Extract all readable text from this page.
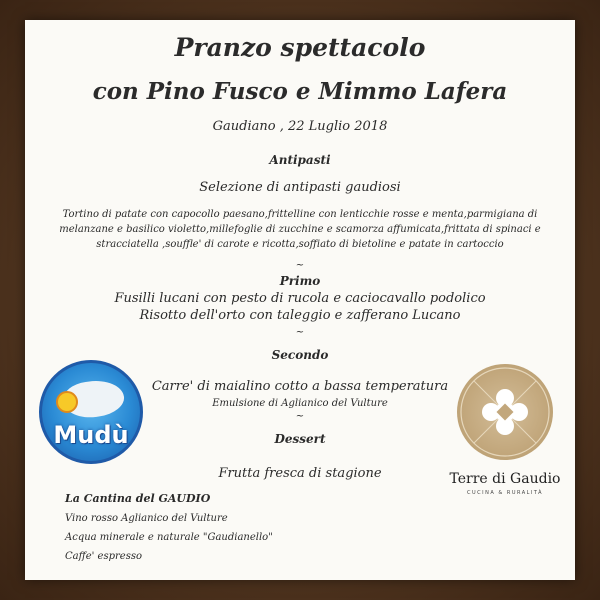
Pranzo spettacolo
con Pino Fusco e Mimmo Lafera
Gaudiano , 22 Luglio 2018
Antipasti
Selezione di antipasti gaudiosi
Tortino di patate con capocollo paesano,frittelline con lenticchie rosse e menta,parmigiana di
melanzane e basilico violetto,millefoglie di zucchine e scamorza affumicata,frittata di spinaci e
stracciatella ,souffle' di carote e ricotta,soffiato di bietoline e patate in cartoccio
~
Primo
Fusilli lucani con pesto di rucola e caciocavallo podolico
Risotto dell'orto con taleggio e zafferano Lucano
~
Secondo
Carre' di maialino cotto a bassa temperatura
Emulsione di Aglianico del Vulture
~
Dessert
Frutta fresca di stagione
La Cantina del GAUDIO
Vino rosso Aglianico del Vulture
Acqua minerale e naturale "Gaudianello"
Caffe' espresso
Mudù
Terre di Gaudio
CUCINA & RURALITÀ
